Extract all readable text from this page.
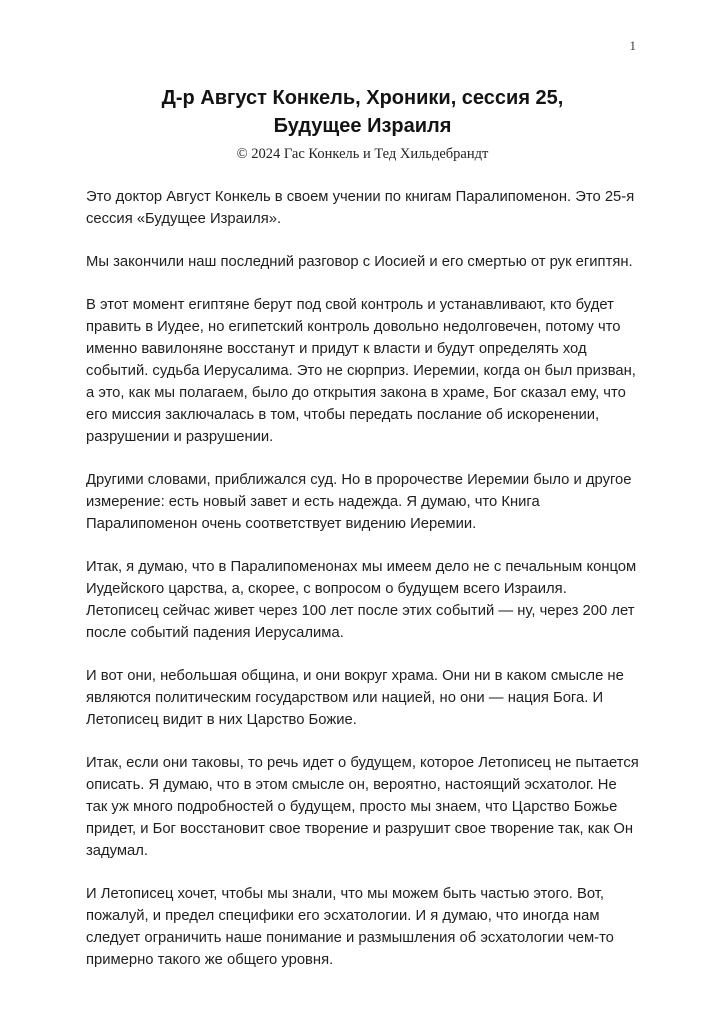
1
Д-р Август Конкель, Хроники, сессия 25,
Будущее Израиля
© 2024 Гас Конкель и Тед Хильдебрандт

Это доктор Август Конкель в своем учении по книгам Паралипоменон. Это 25-я сессия «Будущее Израиля».

Мы закончили наш последний разговор с Иосией и его смертью от рук египтян.

В этот момент египтяне берут под свой контроль и устанавливают, кто будет править в Иудее, но египетский контроль довольно недолговечен, потому что именно вавилоняне восстанут и придут к власти и будут определять ход событий. судьба Иерусалима. Это не сюрприз. Иеремии, когда он был призван, а это, как мы полагаем, было до открытия закона в храме, Бог сказал ему, что его миссия заключалась в том, чтобы передать послание об искоренении, разрушении и разрушении.

Другими словами, приближался суд. Но в пророчестве Иеремии было и другое измерение: есть новый завет и есть надежда. Я думаю, что Книга Паралипоменон очень соответствует видению Иеремии.

Итак, я думаю, что в Паралипоменонах мы имеем дело не с печальным концом Иудейского царства, а, скорее, с вопросом о будущем всего Израиля. Летописец сейчас живет через 100 лет после этих событий — ну, через 200 лет после событий падения Иерусалима.

И вот они, небольшая община, и они вокруг храма. Они ни в каком смысле не являются политическим государством или нацией, но они — нация Бога. И Летописец видит в них Царство Божие.

Итак, если они таковы, то речь идет о будущем, которое Летописец не пытается описать. Я думаю, что в этом смысле он, вероятно, настоящий эсхатолог. Не так уж много подробностей о будущем, просто мы знаем, что Царство Божье придет, и Бог восстановит свое творение и разрушит свое творение так, как Он задумал.

И Летописец хочет, чтобы мы знали, что мы можем быть частью этого. Вот, пожалуй, и предел специфики его эсхатологии. И я думаю, что иногда нам следует ограничить наше понимание и размышления об эсхатологии чем-то примерно такого же общего уровня.
